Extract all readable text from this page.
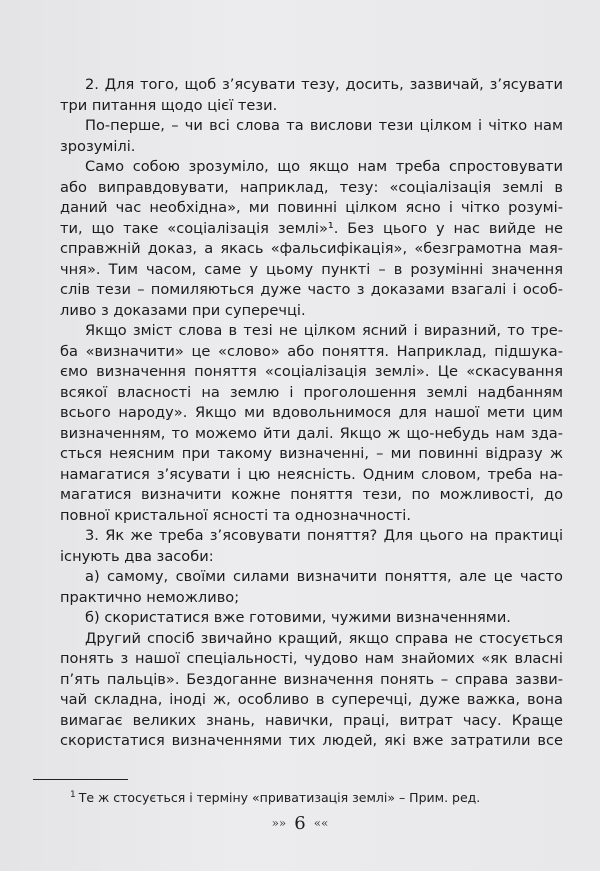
2. Для того, щоб з’ясувати тезу, досить, зазвичай, з’ясувати
три питання щодо цієї тези.
По-перше, – чи всі слова та вислови тези цілком і чітко нам
зрозумілі.
Само собою зрозуміло, що якщо нам треба спростовувати
або виправдовувати, наприклад, тезу: «соціалізація землі в
даний час необхідна», ми повинні цілком ясно і чітко розумі-
ти, що таке «соціалізація землі»¹. Без цього у нас вийде не
справжній доказ, а якась «фальсифікація», «безграмотна мая-
чня». Тим часом, саме у цьому пункті – в розумінні значення
слів тези – помиляються дуже часто з доказами взагалі і особ-
ливо з доказами при суперечці.
Якщо зміст слова в тезі не цілком ясний і виразний, то тре-
ба «визначити» це «слово» або поняття. Наприклад, підшука-
ємо визначення поняття «соціалізація землі». Це «скасування
всякої власності на землю і проголошення землі надбанням
всього народу». Якщо ми вдовольнимося для нашої мети цим
визначенням, то можемо йти далі. Якщо ж що-небудь нам зда-
сться неясним при такому визначенні, – ми повинні відразу ж
намагатися з’ясувати і цю неясність. Одним словом, треба на-
магатися визначити кожне поняття тези, по можливості, до
повної кристальної ясності та однозначності.
3. Як же треба з’ясовувати поняття? Для цього на практиці
існують два засоби:
а) самому, своїми силами визначити поняття, але це часто
практично неможливо;
б) скористатися вже готовими, чужими визначеннями.
Другий спосіб звичайно кращий, якщо справа не стосується
понять з нашої спеціальності, чудово нам знайомих «як власні
п’ять пальців». Бездоганне визначення понять – справа зазви-
чай складна, іноді ж, особливо в суперечці, дуже важка, вона
вимагає великих знань, навички, праці, витрат часу. Краще
скористатися визначеннями тих людей, які вже затратили все
$^1$ Те ж стосується і терміну «приватизація землі» – Прим. ред.
»» 6 ««
